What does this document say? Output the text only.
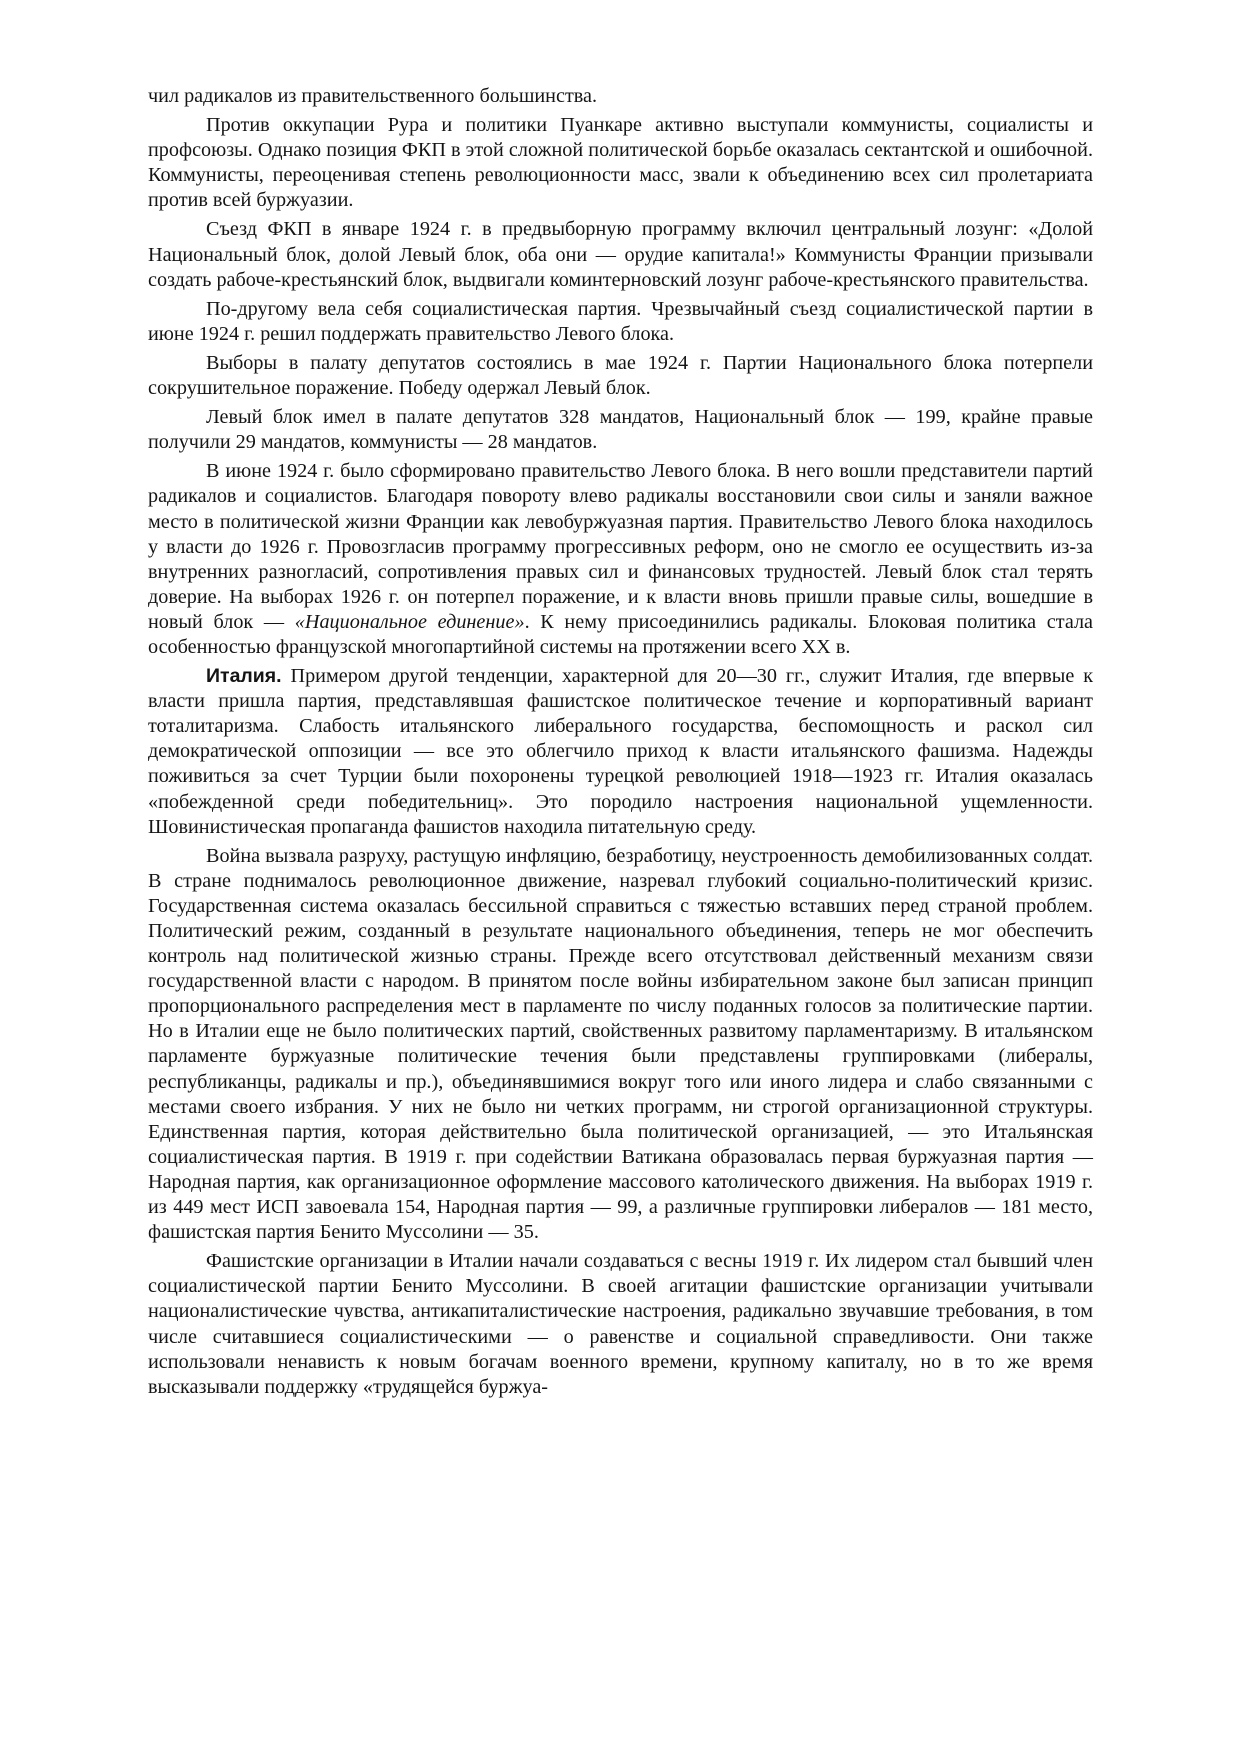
чил радикалов из правительственного большинства.

Против оккупации Рура и политики Пуанкаре активно выступали коммунисты, социалисты и профсоюзы. Однако позиция ФКП в этой сложной политической борьбе оказалась сектантской и ошибочной. Коммунисты, переоценивая степень революционности масс, звали к объединению всех сил пролетариата против всей буржуазии.

Съезд ФКП в январе 1924 г. в предвыборную программу включил центральный лозунг: «Долой Национальный блок, долой Левый блок, оба они — орудие капитала!» Коммунисты Франции призывали создать рабоче-крестьянский блок, выдвигали коминтерновский лозунг рабоче-крестьянского правительства.

По-другому вела себя социалистическая партия. Чрезвычайный съезд социалистической партии в июне 1924 г. решил поддержать правительство Левого блока.

Выборы в палату депутатов состоялись в мае 1924 г. Партии Национального блока потерпели сокрушительное поражение. Победу одержал Левый блок.

Левый блок имел в палате депутатов 328 мандатов, Национальный блок — 199, крайне правые получили 29 мандатов, коммунисты — 28 мандатов.

В июне 1924 г. было сформировано правительство Левого блока. В него вошли представители партий радикалов и социалистов. Благодаря повороту влево радикалы восстановили свои силы и заняли важное место в политической жизни Франции как левобуржуазная партия. Правительство Левого блока находилось у власти до 1926 г. Провозгласив программу прогрессивных реформ, оно не смогло ее осуществить из-за внутренних разногласий, сопротивления правых сил и финансовых трудностей. Левый блок стал терять доверие. На выборах 1926 г. он потерпел поражение, и к власти вновь пришли правые силы, вошедшие в новый блок — «Национальное единение». К нему присоединились радикалы. Блоковая политика стала особенностью французской многопартийной системы на протяжении всего XX в.

Италия. Примером другой тенденции, характерной для 20—30 гг., служит Италия, где впервые к власти пришла партия, представлявшая фашистское политическое течение и корпоративный вариант тоталитаризма. Слабость итальянского либерального государства, беспомощность и раскол сил демократической оппозиции — все это облегчило приход к власти итальянского фашизма. Надежды поживиться за счет Турции были похоронены турецкой революцией 1918—1923 гг. Италия оказалась «побежденной среди победительниц». Это породило настроения национальной ущемленности. Шовинистическая пропаганда фашистов находила питательную среду.

Война вызвала разруху, растущую инфляцию, безработицу, неустроенность демобилизованных солдат. В стране поднималось революционное движение, назревал глубокий социально-политический кризис. Государственная система оказалась бессильной справиться с тяжестью вставших перед страной проблем. Политический режим, созданный в результате национального объединения, теперь не мог обеспечить контроль над политической жизнью страны. Прежде всего отсутствовал действенный механизм связи государственной власти с народом. В принятом после войны избирательном законе был записан принцип пропорционального распределения мест в парламенте по числу поданных голосов за политические партии. Но в Италии еще не было политических партий, свойственных развитому парламентаризму. В итальянском парламенте буржуазные политические течения были представлены группировками (либералы, республиканцы, радикалы и пр.), объединявшимися вокруг того или иного лидера и слабо связанными с местами своего избрания. У них не было ни четких программ, ни строгой организационной структуры. Единственная партия, которая действительно была политической организацией, — это Итальянская социалистическая партия. В 1919 г. при содействии Ватикана образовалась первая буржуазная партия — Народная партия, как организационное оформление массового католического движения. На выборах 1919 г. из 449 мест ИСП завоевала 154, Народная партия — 99, а различные группировки либералов — 181 место, фашистская партия Бенито Муссолини — 35.

Фашистские организации в Италии начали создаваться с весны 1919 г. Их лидером стал бывший член социалистической партии Бенито Муссолини. В своей агитации фашистские организации учитывали националистические чувства, антикапиталистические настроения, радикально звучавшие требования, в том числе считавшиеся социалистическими — о равенстве и социальной справедливости. Они также использовали ненависть к новым богачам военного времени, крупному капиталу, но в то же время высказывали поддержку «трудящейся буржуа-
